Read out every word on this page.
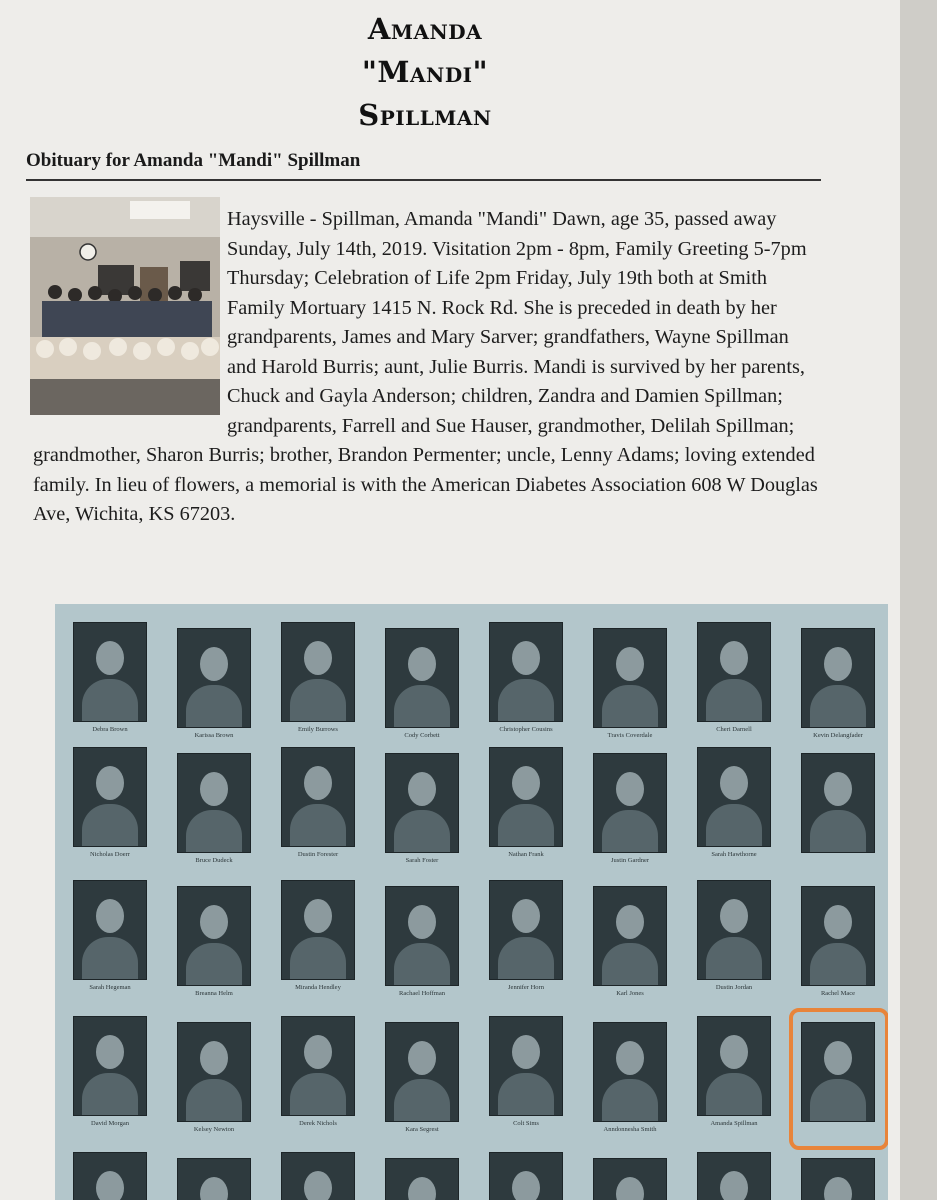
Amanda
"Mandi"
Spillman
Obituary for Amanda "Mandi" Spillman
Haysville - Spillman, Amanda "Mandi" Dawn, age 35, passed away Sunday, July 14th, 2019. Visitation 2pm - 8pm, Family Greeting 5-7pm Thursday; Celebration of Life 2pm Friday, July 19th both at Smith Family Mortuary 1415 N. Rock Rd. She is preceded in death by her grandparents, James and Mary Sarver; grandfathers, Wayne Spillman and Harold Burris; aunt, Julie Burris. Mandi is survived by her parents, Chuck and Gayla Anderson; children, Zandra and Damien Spillman; grandparents, Farrell and Sue Hauser, grandmother, Delilah Spillman; grandmother, Sharon Burris; brother, Brandon Permenter; uncle, Lenny Adams; loving extended family. In lieu of flowers, a memorial is with the American Diabetes Association 608 W Douglas Ave, Wichita, KS 67203.
Debra Brown
Karissa Brown
Emily Burrows
Cody Corbett
Christopher Cousins
Travis Coverdale
Cheri Darnell
Kevin Delangfader
Nicholas Doerr
Bruce Dudeck
Dustin Forester
Sarah Foster
Nathan Frank
Justin Gardner
Sarah Hawthorne
Sarah Hegeman
Breanna Helm
Miranda Hendley
Rachael Hoffman
Jennifer Horn
Karl Jones
Dustin Jordan
Rachel Mace
David Morgan
Kelsey Newton
Derek Nichols
Kara Segrest
Colt Sims
Anndonnesha Smith
Amanda Spillman
